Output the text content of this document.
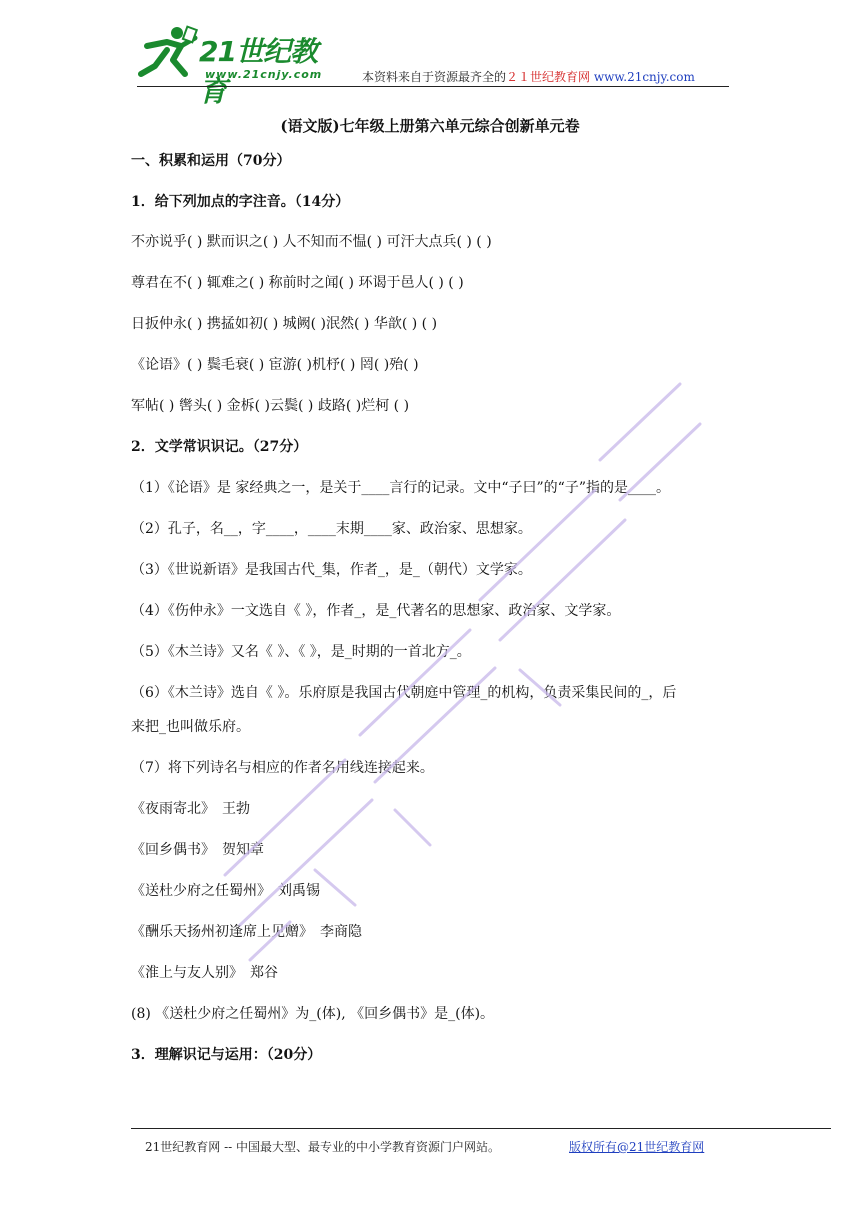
21世纪教育
www.21cnjy.com	本资料来自于资源最齐全的２１世纪教育网 www.21cnjy.com
(语文版)七年级上册第六单元综合创新单元卷
一、积累和运用（70分）
1．给下列加点的字注音。（14分）
不亦说乎( ) 默而识之( ) 人不知而不愠( ) 可汗大点兵( ) ( )
尊君在不( ) 辄难之( ) 称前时之闻( ) 环谒于邑人( ) ( )
日扳仲永( ) 携掹如初( ) 城阙( )泯然( ) 华歆( ) ( )
《论语》( ) 鬓毛衰( ) 宦游( )机杼( ) 罔( )殆( )
军帖( ) 辔头( ) 金柝( )云鬓( ) 歧路( )烂柯 ( )
2．文学常识识记。（27分）
（1）《论语》是 家经典之一，是关于____言行的记录。文中“子曰”的“子”指的是____。
（2）孔子，名__，字____，____末期____家、政治家、思想家。
（3）《世说新语》是我国古代_集，作者_，是_（朝代）文学家。
（4）《伤仲永》一文选自《 》，作者_，是_代著名的思想家、政治家、文学家。
（5）《木兰诗》又名《 》、《 》，是_时期的一首北方_。
（6）《木兰诗》选自《 》。乐府原是我国古代朝庭中管理_的机构，负责采集民间的_，后
来把_也叫做乐府。
（7）将下列诗名与相应的作者名用线连接起来。
《夜雨寄北》　王勃
《回乡偶书》　贺知章
《送杜少府之任蜀州》　刘禹锡
《酬乐天扬州初逢席上见赠》　李商隐
《淮上与友人别》　郑谷
(8) 《送杜少府之任蜀州》为_(体), 《回乡偶书》是_(体)。
3．理解识记与运用：（20分）
21世纪教育网 -- 中国最大型、最专业的中小学教育资源门户网站。	版权所有@21世纪教育网
